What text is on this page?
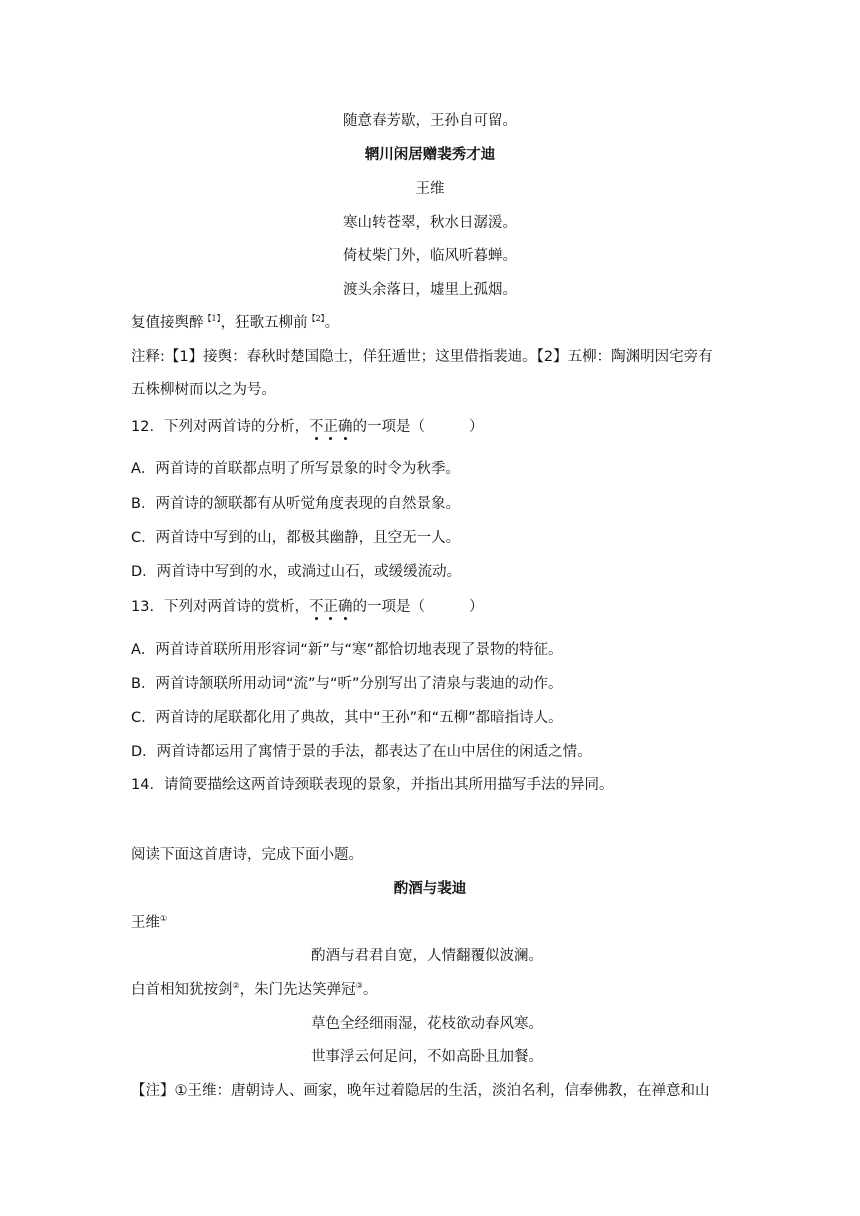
随意春芳歇，王孙自可留。
辋川闲居赠裴秀才迪
王维
寒山转苍翠，秋水日潺湲。
倚杖柴门外，临风听暮蝉。
渡头余落日，墟里上孤烟。
复值接舆醉$^{【1】}$，狂歌五柳前$^{【2】}$。
注释:【1】接舆：春秋时楚国隐士，佯狂遁世；这里借指裴迪。【2】五柳：陶渊明因宅旁有
五株柳树而以之为号。
12．下列对两首诗的分析，不正确的一项是（	）
A．两首诗的首联都点明了所写景象的时令为秋季。
B．两首诗的颔联都有从听觉角度表现的自然景象。
C．两首诗中写到的山，都极其幽静，且空无一人。
D．两首诗中写到的水，或淌过山石，或缓缓流动。
13．下列对两首诗的赏析，不正确的一项是（	）
A．两首诗首联所用形容词“新”与“寒”都恰切地表现了景物的特征。
B．两首诗颔联所用动词“流”与“听”分别写出了清泉与裴迪的动作。
C．两首诗的尾联都化用了典故，其中“王孙”和“五柳”都暗指诗人。
D．两首诗都运用了寓情于景的手法，都表达了在山中居住的闲适之情。
14．请简要描绘这两首诗颈联表现的景象，并指出其所用描写手法的异同。
阅读下面这首唐诗，完成下面小题。
酌酒与裴迪
王维①
酌酒与君君自宽，人情翻覆似波澜。
白首相知犹按剑②，朱门先达笑弹冠③。
草色全经细雨湿，花枝欲动春风寒。
世事浮云何足问，不如高卧且加餐。
【注】①王维：唐朝诗人、画家，晚年过着隐居的生活，淡泊名利，信奉佛教，在禅意和山
